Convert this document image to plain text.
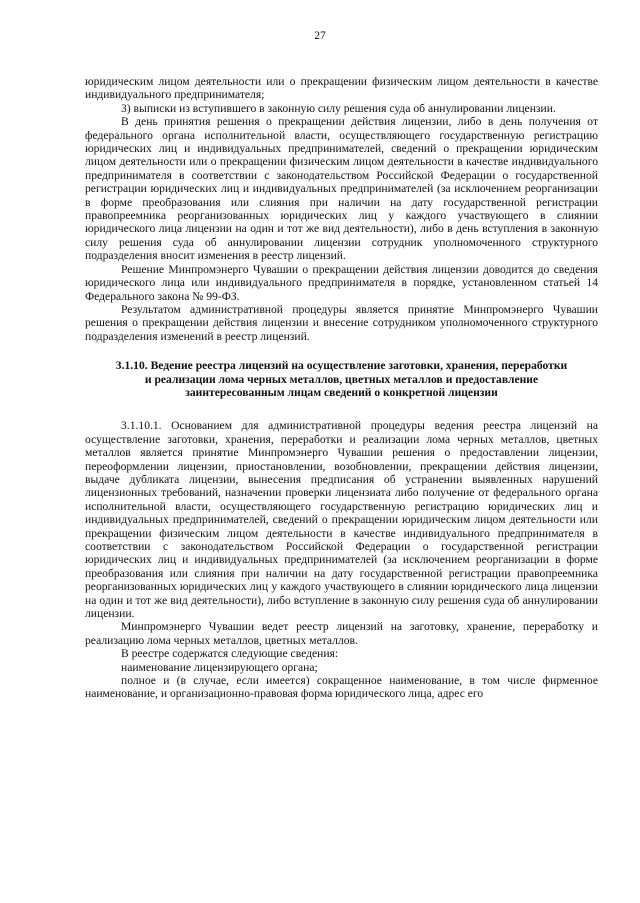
27

юридическим лицом деятельности или о прекращении физическим лицом деятельности в качестве индивидуального предпринимателя;

3) выписки из вступившего в законную силу решения суда об аннулировании лицензии.

В день принятия решения о прекращении действия лицензии, либо в день получения от федерального органа исполнительной власти, осуществляющего государственную регистрацию юридических лиц и индивидуальных предпринимателей, сведений о прекращении юридическим лицом деятельности или о прекращении физическим лицом деятельности в качестве индивидуального предпринимателя в соответствии с законодательством Российской Федерации о государственной регистрации юридических лиц и индивидуальных предпринимателей (за исключением реорганизации в форме преобразования или слияния при наличии на дату государственной регистрации правопреемника реорганизованных юридических лиц у каждого участвующего в слиянии юридического лица лицензии на один и тот же вид деятельности), либо в день вступления в законную силу решения суда об аннулировании лицензии сотрудник уполномоченного структурного подразделения вносит изменения в реестр лицензий.

Решение Минпромэнерго Чувашии о прекращении действия лицензии доводится до сведения юридического лица или индивидуального предпринимателя в порядке, установленном статьей 14 Федерального закона № 99-ФЗ.

Результатом административной процедуры является принятие Минпромэнерго Чувашии решения о прекращении действия лицензии и внесение сотрудником уполномоченного структурного подразделения изменений в реестр лицензий.

3.1.10. Ведение реестра лицензий на осуществление заготовки, хранения, переработки
и реализации лома черных металлов, цветных металлов и предоставление
заинтересованным лицам сведений о конкретной лицензии

3.1.10.1. Основанием для административной процедуры ведения реестра лицензий на осуществление заготовки, хранения, переработки и реализации лома черных металлов, цветных металлов является принятие Минпромэнерго Чувашии решения о предоставлении лицензии, переоформлении лицензии, приостановлении, возобновлении, прекращении действия лицензии, выдаче дубликата лицензии, вынесения предписания об устранении выявленных нарушений лицензионных требований, назначении проверки лицензиата либо получение от федерального органа исполнительной власти, осуществляющего государственную регистрацию юридических лиц и индивидуальных предпринимателей, сведений о прекращении юридическим лицом деятельности или прекращении физическим лицом деятельности в качестве индивидуального предпринимателя в соответствии с законодательством Российской Федерации о государственной регистрации юридических лиц и индивидуальных предпринимателей (за исключением реорганизации в форме преобразования или слияния при наличии на дату государственной регистрации правопреемника реорганизованных юридических лиц у каждого участвующего в слиянии юридического лица лицензии на один и тот же вид деятельности), либо вступление в законную силу решения суда об аннулировании лицензии.

Минпромэнерго Чувашии ведет реестр лицензий на заготовку, хранение, переработку и реализацию лома черных металлов, цветных металлов.

В реестре содержатся следующие сведения:

наименование лицензирующего органа;

полное и (в случае, если имеется) сокращенное наименование, в том числе фирменное наименование, и организационно-правовая форма юридического лица, адрес его
